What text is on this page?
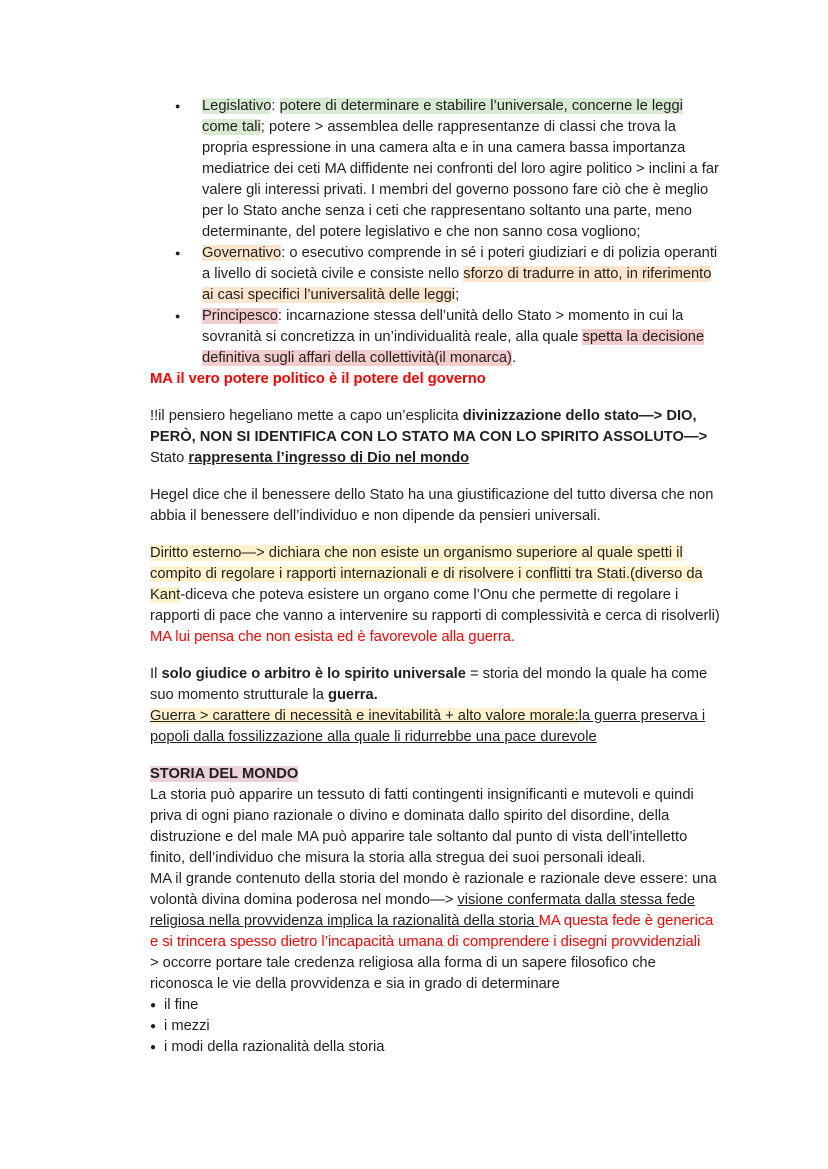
● Legislativo: potere di determinare e stabilire l’universale, concerne le leggi come tali; potere > assemblea delle rappresentanze di classi che trova la propria espressione in una camera alta e in una camera bassa importanza mediatrice dei ceti MA diffidente nei confronti del loro agire politico > inclini a far valere gli interessi privati. I membri del governo possono fare ciò che è meglio per lo Stato anche senza i ceti che rappresentano soltanto una parte, meno determinante, del potere legislativo e che non sanno cosa vogliono;
● Governativo: o esecutivo comprende in sé i poteri giudiziari e di polizia operanti a livello di società civile e consiste nello sforzo di tradurre in atto, in riferimento ai casi specifici l’universalità delle leggi;
● Principesco: incarnazione stessa dell’unità dello Stato > momento in cui la sovranità si concretizza in un’individualità reale, alla quale spetta la decisione definitiva sugli affari della collettività(il monarca).
MA il vero potere politico è il potere del governo
!!il pensiero hegeliano mette a capo un’esplicita divinizzazione dello stato—> DIO, PERÒ, NON SI IDENTIFICA CON LO STATO MA CON LO SPIRITO ASSOLUTO—> Stato rappresenta l’ingresso di Dio nel mondo
Hegel dice che il benessere dello Stato ha una giustificazione del tutto diversa che non abbia il benessere dell’individuo e non dipende da pensieri universali.
Diritto esterno—> dichiara che non esiste un organismo superiore al quale spetti il compito di regolare i rapporti internazionali e di risolvere i conflitti tra Stati.(diverso da Kant-diceva che poteva esistere un organo come l’Onu che permette di regolare i rapporti di pace che vanno a intervenire su rapporti di complessività e cerca di risolverli) MA lui pensa che non esista ed è favorevole alla guerra.
Il solo giudice o arbitro è lo spirito universale = storia del mondo la quale ha come suo momento strutturale la guerra.
Guerra > carattere di necessità e inevitabilità + alto valore morale:la guerra preserva i popoli dalla fossilizzazione alla quale li ridurrebbe una pace durevole
STORIA DEL MONDO
La storia può apparire un tessuto di fatti contingenti insignificanti e mutevoli e quindi priva di ogni piano razionale o divino e dominata dallo spirito del disordine, della distruzione e del male MA può apparire tale soltanto dal punto di vista dell’intelletto finito, dell’individuo che misura la storia alla stregua dei suoi personali ideali.
MA il grande contenuto della storia del mondo è razionale e razionale deve essere: una volontà divina domina poderosa nel mondo—> visione confermata dalla stessa fede religiosa nella provvidenza implica la razionalità della storia MA questa fede è generica e si trincera spesso dietro l’incapacità umana di comprendere i disegni provvidenziali
> occorre portare tale credenza religiosa alla forma di un sapere filosofico che riconosca le vie della provvidenza e sia in grado di determinare
● il fine
● i mezzi
● i modi della razionalità della storia
